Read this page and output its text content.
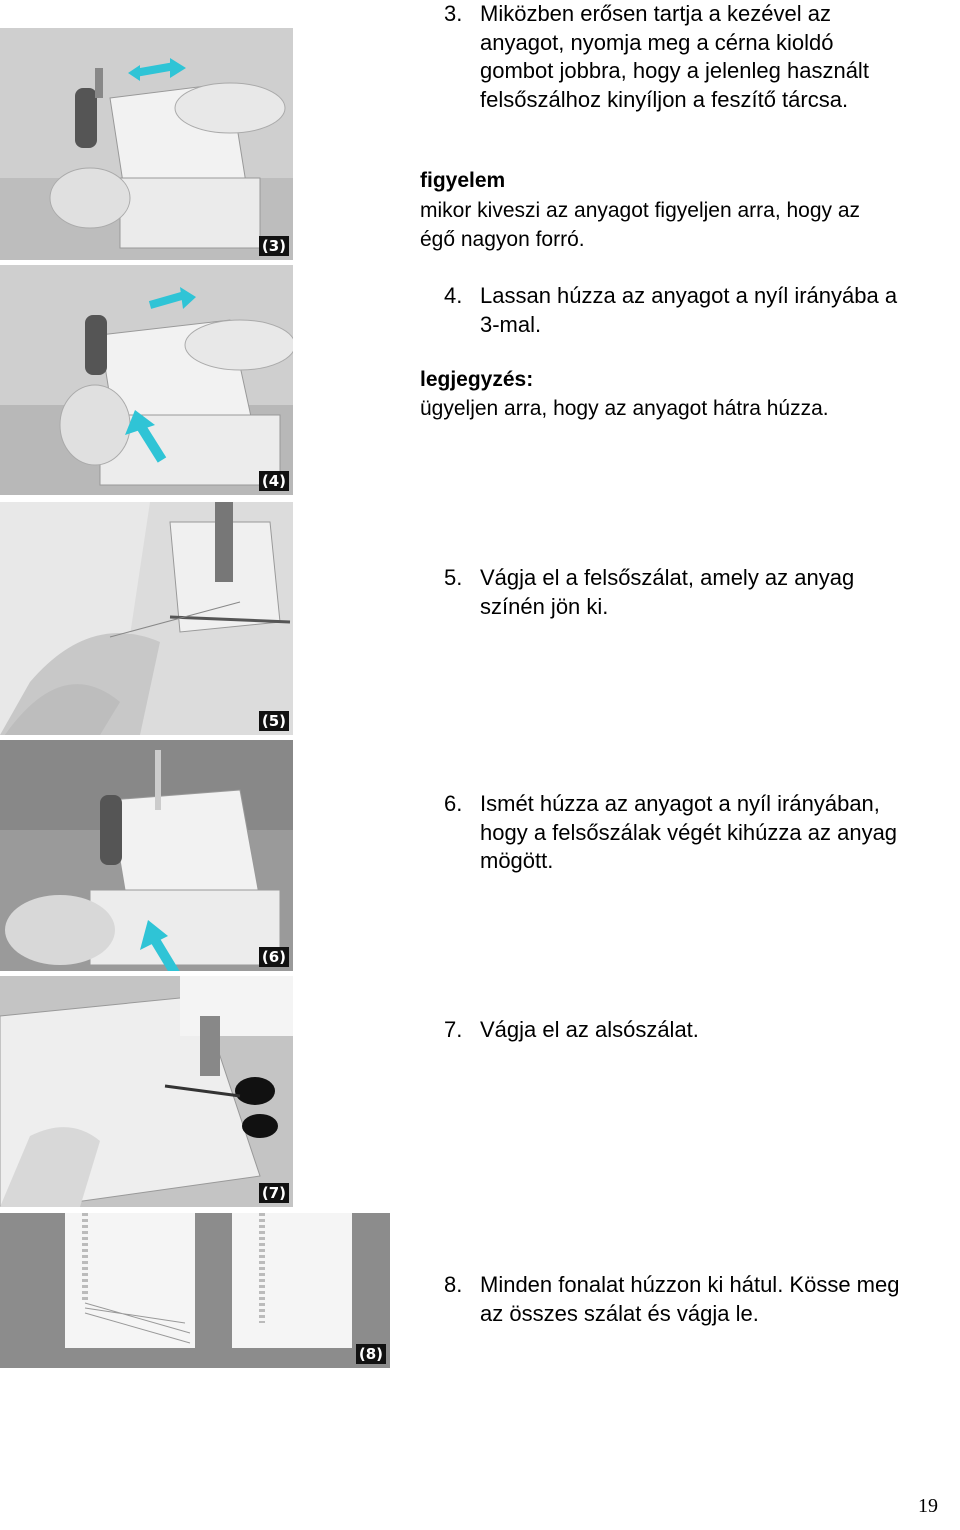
(3)
(4)
(5)
(6)
(7)
(8)
3. Miközben erősen tartja a kezével az
anyagot, nyomja meg a cérna kioldó
gombot jobbra, hogy a jelenleg használt
felsőszálhoz kinyíljon a feszítő tárcsa.
figyelem
mikor kiveszi az anyagot figyeljen arra, hogy az
égő nagyon forró.
4. Lassan húzza az anyagot a nyíl irányába a
3-mal.
legjegyzés:
ügyeljen arra, hogy az anyagot hátra húzza.
5. Vágja el a felsőszálat, amely az anyag
színén jön ki.
6. Ismét húzza az anyagot a nyíl irányában,
hogy a felsőszálak végét kihúzza az anyag
mögött.
7. Vágja el az alsószálat.
8. Minden fonalat húzzon ki hátul. Kösse meg
az összes szálat és vágja le.
19
